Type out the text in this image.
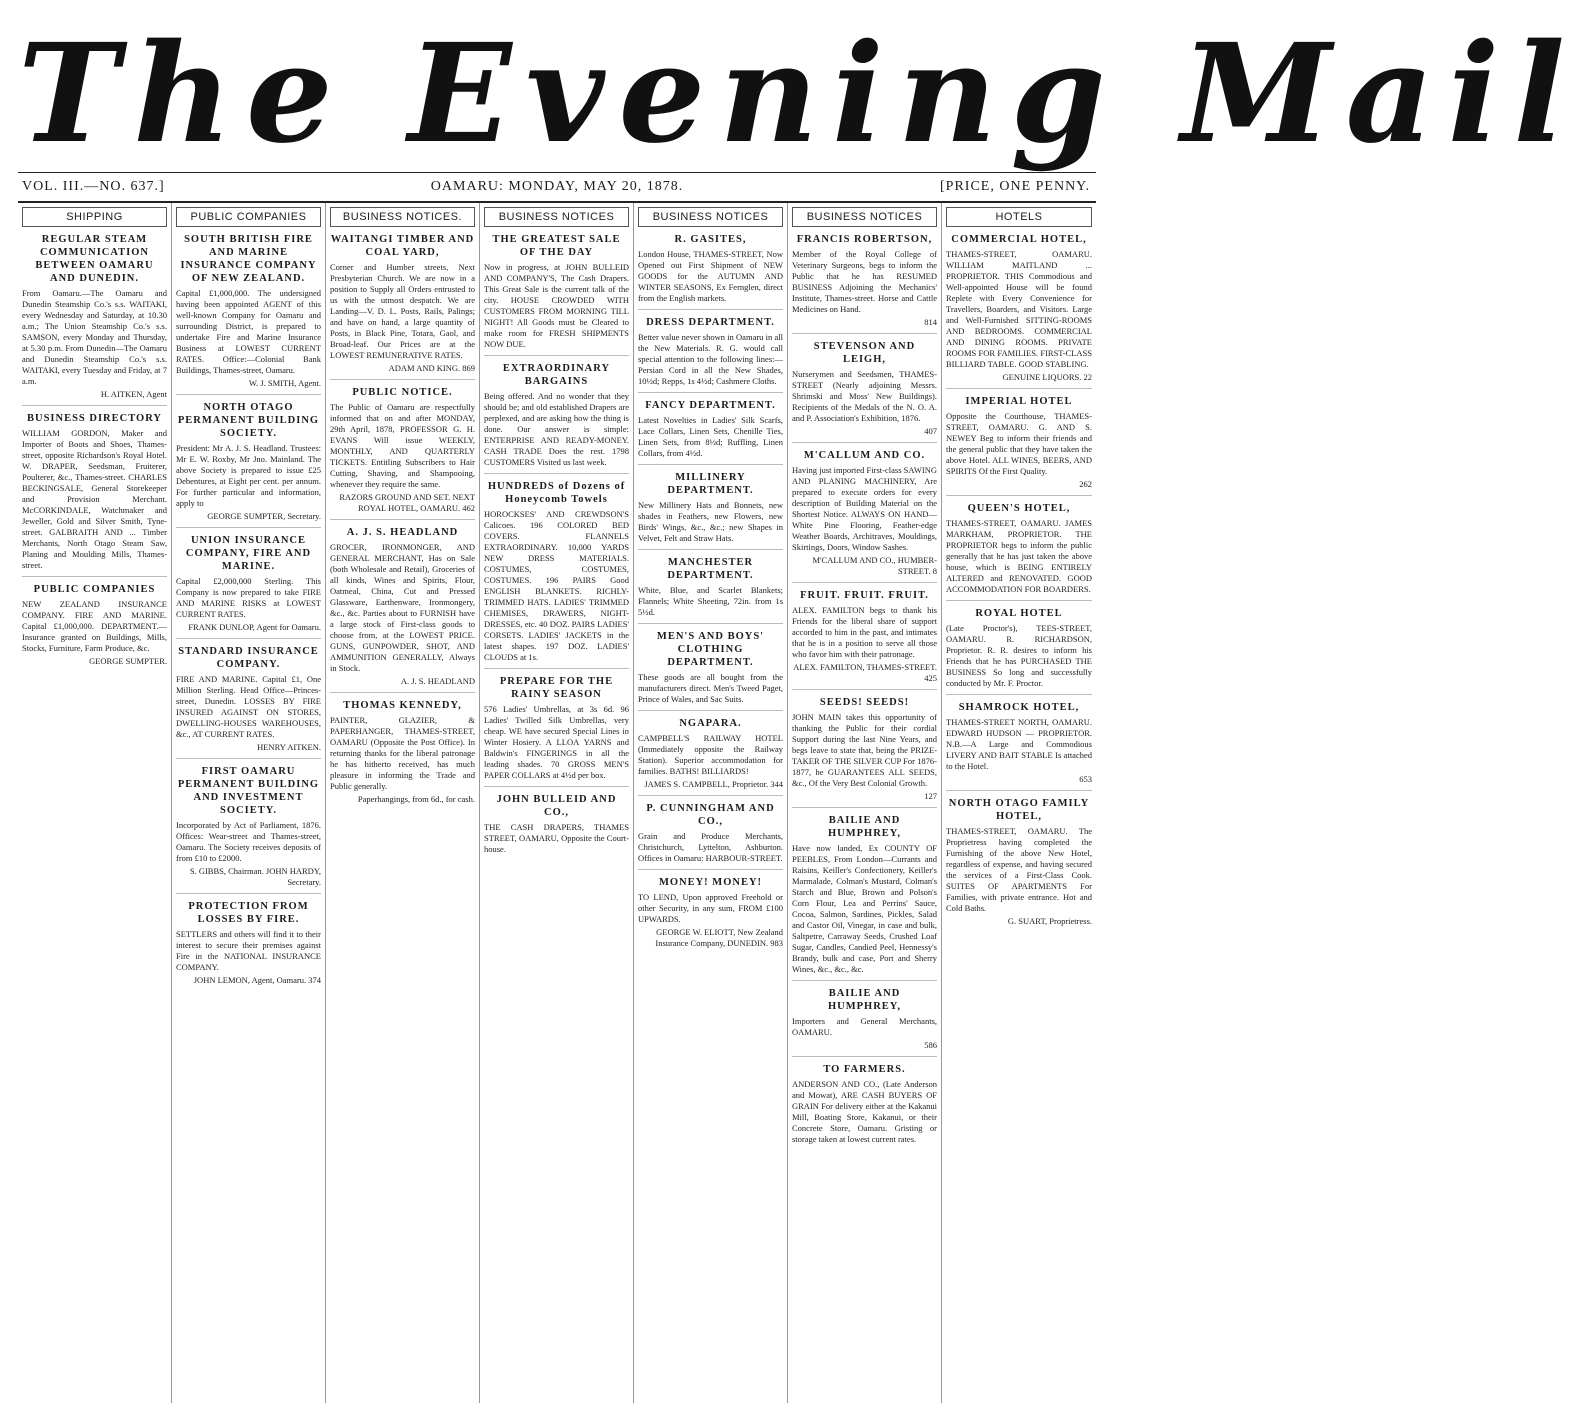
The Evening Mail
VOL. III.—NO. 637.]	OAMARU: MONDAY, MAY 20, 1878.	[PRICE, ONE PENNY.
SHIPPING
REGULAR STEAM COMMUNICATION BETWEEN OAMARU AND DUNEDIN.
From Oamaru.—The Oamaru and Dunedin Steamship Co.'s s.s. WAITAKI, every Wednesday and Saturday, at 10.30 a.m.; The Union Steamship Co.'s s.s. SAMSON, every Monday and Thursday, at 5.30 p.m. From Dunedin—The Oamaru and Dunedin Steamship Co.'s s.s. WAITAKI, every Tuesday and Friday, at 7 a.m.
H. AITKEN, Agent
BUSINESS DIRECTORY
WILLIAM GORDON, Maker and Importer of Boots and Shoes, Thames-street, opposite Richardson's Royal Hotel. W. DRAPER, Seedsman, Fruiterer, Poulterer, &c., Thames-street. CHARLES BECKINGSALE, General Storekeeper and Provision Merchant. McCORKINDALE, Watchmaker and Jeweller, Gold and Silver Smith, Tyne-street. GALBRAITH AND ... Timber Merchants, North Otago Steam Saw, Planing and Moulding Mills, Thames-street.
PUBLIC COMPANIES
NEW ZEALAND INSURANCE COMPANY. FIRE AND MARINE. Capital £1,000,000. DEPARTMENT.—Insurance granted on Buildings, Mills, Stocks, Furniture, Farm Produce, &c.
GEORGE SUMPTER.
PUBLIC COMPANIES
SOUTH BRITISH FIRE AND MARINE INSURANCE COMPANY OF NEW ZEALAND.
Capital £1,000,000. The undersigned having been appointed AGENT of this well-known Company for Oamaru and surrounding District, is prepared to undertake Fire and Marine Insurance Business at LOWEST CURRENT RATES. Office:—Colonial Bank Buildings, Thames-street, Oamaru.
W. J. SMITH, Agent.
NORTH OTAGO PERMANENT BUILDING SOCIETY.
President: Mr A. J. S. Headland. Trustees: Mr E. W. Roxby, Mr Jno. Mainland. The above Society is prepared to issue £25 Debentures, at Eight per cent. per annum. For further particular and information, apply to
GEORGE SUMPTER, Secretary.
UNION INSURANCE COMPANY, FIRE AND MARINE.
Capital £2,000,000 Sterling. This Company is now prepared to take FIRE AND MARINE RISKS at LOWEST CURRENT RATES.
FRANK DUNLOP, Agent for Oamaru.
STANDARD INSURANCE COMPANY.
FIRE AND MARINE. Capital £1, One Million Sterling. Head Office—Princes-street, Dunedin. LOSSES BY FIRE INSURED AGAINST ON STORES, DWELLING-HOUSES WAREHOUSES, &c., AT CURRENT RATES.
HENRY AITKEN.
FIRST OAMARU PERMANENT BUILDING AND INVESTMENT SOCIETY.
Incorporated by Act of Parliament, 1876. Offices: Wear-street and Thames-street, Oamaru. The Society receives deposits of from £10 to £2000.
S. GIBBS, Chairman. JOHN HARDY, Secretary.
PROTECTION FROM LOSSES BY FIRE.
SETTLERS and others will find it to their interest to secure their premises against Fire in the NATIONAL INSURANCE COMPANY.
JOHN LEMON, Agent, Oamaru. 374
BUSINESS NOTICES.
WAITANGI TIMBER AND COAL YARD,
Corner and Humber streets, Next Presbyterian Church. We are now in a position to Supply all Orders entrusted to us with the utmost despatch. We are Landing—V. D. L. Posts, Rails, Palings; and have on hand, a large quantity of Posts, in Black Pine, Totara, Gaol, and Broad-leaf. Our Prices are at the LOWEST REMUNERATIVE RATES.
ADAM AND KING. 869
PUBLIC NOTICE.
The Public of Oamaru are respectfully informed that on and after MONDAY, 29th April, 1878, PROFESSOR G. H. EVANS Will issue WEEKLY, MONTHLY, AND QUARTERLY TICKETS. Entitling Subscribers to Hair Cutting, Shaving, and Shampooing, whenever they require the same.
RAZORS GROUND AND SET. NEXT ROYAL HOTEL, OAMARU. 462
A. J. S. HEADLAND
GROCER, IRONMONGER, AND GENERAL MERCHANT, Has on Sale (both Wholesale and Retail), Groceries of all kinds, Wines and Spirits, Flour, Oatmeal, China, Cut and Pressed Glassware, Earthenware, Ironmongery, &c., &c. Parties about to FURNISH have a large stock of First-class goods to choose from, at the LOWEST PRICE. GUNS, GUNPOWDER, SHOT, AND AMMUNITION GENERALLY, Always in Stock.
A. J. S. HEADLAND
THOMAS KENNEDY,
PAINTER, GLAZIER, & PAPERHANGER, THAMES-STREET, OAMARU (Opposite the Post Office). In returning thanks for the liberal patronage he has hitherto received, has much pleasure in informing the Trade and Public generally.
Paperhangings, from 6d., for cash.
BUSINESS NOTICES
THE GREATEST SALE OF THE DAY
Now in progress, at JOHN BULLEID AND COMPANY'S, The Cash Drapers. This Great Sale is the current talk of the city. HOUSE CROWDED WITH CUSTOMERS FROM MORNING TILL NIGHT! All Goods must be Cleared to make room for FRESH SHIPMENTS NOW DUE.
EXTRAORDINARY BARGAINS
Being offered. And no wonder that they should be; and old established Drapers are perplexed, and are asking how the thing is done. Our answer is simple: ENTERPRISE AND READY-MONEY. CASH TRADE Does the rest. 1798 CUSTOMERS Visited us last week.
HUNDREDS of Dozens of Honeycomb Towels
HOROCKSES' AND CREWDSON'S Calicoes. 196 COLORED BED COVERS. FLANNELS EXTRAORDINARY. 10,000 YARDS NEW DRESS MATERIALS. COSTUMES, COSTUMES, COSTUMES. 196 PAIRS Good ENGLISH BLANKETS. RICHLY-TRIMMED HATS. LADIES' TRIMMED CHEMISES, DRAWERS, NIGHT-DRESSES, etc. 40 DOZ. PAIRS LADIES' CORSETS. LADIES' JACKETS in the latest shapes. 197 DOZ. LADIES' CLOUDS at 1s.
PREPARE FOR THE RAINY SEASON
576 Ladies' Umbrellas, at 3s 6d. 96 Ladies' Twilled Silk Umbrellas, very cheap. WE have secured Special Lines in Winter Hosiery. A LLOA YARNS and Baldwin's FINGERINGS in all the leading shades. 70 GROSS MEN'S PAPER COLLARS at 4½d per box.
JOHN BULLEID AND CO.,
THE CASH DRAPERS, THAMES STREET, OAMARU, Opposite the Court-house.
BUSINESS NOTICES
R. GASITES,
London House, THAMES-STREET, Now Opened out First Shipment of NEW GOODS for the AUTUMN AND WINTER SEASONS, Ex Fernglen, direct from the English markets.
DRESS DEPARTMENT.
Better value never shown in Oamaru in all the New Materials. R. G. would call special attention to the following lines:—Persian Cord in all the New Shades, 10½d; Repps, 1s 4½d; Cashmere Cloths.
FANCY DEPARTMENT.
Latest Novelties in Ladies' Silk Scarfs, Lace Collars, Linen Sets, Chenille Ties, Linen Sets, from 8½d; Ruffling, Linen Collars, from 4½d.
MILLINERY DEPARTMENT.
New Millinery Hats and Bonnets, new shades in Feathers, new Flowers, new Birds' Wings, &c., &c.; new Shapes in Velvet, Felt and Straw Hats.
MANCHESTER DEPARTMENT.
White, Blue, and Scarlet Blankets; Flannels; White Sheeting, 72in. from 1s 5½d.
MEN'S AND BOYS' CLOTHING DEPARTMENT.
These goods are all bought from the manufacturers direct. Men's Tweed Paget, Prince of Wales, and Sac Suits.
NGAPARA.
CAMPBELL'S RAILWAY HOTEL (Immediately opposite the Railway Station). Superior accommodation for families. BATHS! BILLIARDS!
JAMES S. CAMPBELL, Proprietor. 344
P. CUNNINGHAM AND CO.,
Grain and Produce Merchants, Christchurch, Lyttelton, Ashburton. Offices in Oamaru: HARBOUR-STREET.
MONEY! MONEY!
TO LEND, Upon approved Freehold or other Security, in any sum, FROM £100 UPWARDS.
GEORGE W. ELIOTT, New Zealand Insurance Company, DUNEDIN. 983
BUSINESS NOTICES
FRANCIS ROBERTSON,
Member of the Royal College of Veterinary Surgeons, begs to inform the Public that he has RESUMED BUSINESS Adjoining the Mechanics' Institute, Thames-street. Horse and Cattle Medicines on Hand.
814
STEVENSON AND LEIGH,
Nurserymen and Seedsmen, THAMES-STREET (Nearly adjoining Messrs. Shrimski and Moss' New Buildings). Recipients of the Medals of the N. O. A. and P. Association's Exhibition, 1876.
407
M'CALLUM AND CO.
Having just imported First-class SAWING AND PLANING MACHINERY, Are prepared to execute orders for every description of Building Material on the Shortest Notice. ALWAYS ON HAND—White Pine Flooring, Feather-edge Weather Boards, Architraves, Mouldings, Skirtings, Doors, Window Sashes.
M'CALLUM AND CO., HUMBER-STREET. 8
FRUIT. FRUIT. FRUIT.
ALEX. FAMILTON begs to thank his Friends for the liberal share of support accorded to him in the past, and intimates that he is in a position to serve all those who favor him with their patronage.
ALEX. FAMILTON, THAMES-STREET. 425
SEEDS! SEEDS!
JOHN MAIN takes this opportunity of thanking the Public for their cordial Support during the last Nine Years, and begs leave to state that, being the PRIZE-TAKER OF THE SILVER CUP For 1876-1877, he GUARANTEES ALL SEEDS, &c., Of the Very Best Colonial Growth.
127
BAILIE AND HUMPHREY,
Have now landed, Ex COUNTY OF PEEBLES, From London—Currants and Raisins, Keiller's Confectionery, Keiller's Marmalade, Colman's Mustard, Colman's Starch and Blue, Brown and Polson's Corn Flour, Lea and Perrins' Sauce, Cocoa, Salmon, Sardines, Pickles, Salad and Castor Oil, Vinegar, in case and bulk, Saltpetre, Carraway Seeds, Crushed Loaf Sugar, Candles, Candied Peel, Hennessy's Brandy, bulk and case, Port and Sherry Wines, &c., &c., &c.
BAILIE AND HUMPHREY,
Importers and General Merchants, OAMARU.
586
TO FARMERS.
ANDERSON AND CO., (Late Anderson and Mowat), ARE CASH BUYERS OF GRAIN For delivery either at the Kakanui Mill, Boating Store, Kakanui, or their Concrete Store, Oamaru. Gristing or storage taken at lowest current rates.
HOTELS
COMMERCIAL HOTEL,
THAMES-STREET, OAMARU. WILLIAM MAITLAND ... PROPRIETOR. THIS Commodious and Well-appointed House will be found Replete with Every Convenience for Travellers, Boarders, and Visitors. Large and Well-Furnished SITTING-ROOMS AND BEDROOMS. COMMERCIAL AND DINING ROOMS. PRIVATE ROOMS FOR FAMILIES. FIRST-CLASS BILLIARD TABLE. GOOD STABLING.
GENUINE LIQUORS. 22
IMPERIAL HOTEL
Opposite the Courthouse, THAMES-STREET, OAMARU. G. AND S. NEWEY Beg to inform their friends and the general public that they have taken the above Hotel. ALL WINES, BEERS, AND SPIRITS Of the First Quality.
262
QUEEN'S HOTEL,
THAMES-STREET, OAMARU. JAMES MARKHAM, PROPRIETOR. THE PROPRIETOR begs to inform the public generally that he has just taken the above house, which is BEING ENTIRELY ALTERED and RENOVATED. GOOD ACCOMMODATION FOR BOARDERS.
ROYAL HOTEL
(Late Proctor's), TEES-STREET, OAMARU. R. RICHARDSON, Proprietor. R. R. desires to inform his Friends that he has PURCHASED THE BUSINESS So long and successfully conducted by Mr. F. Proctor.
SHAMROCK HOTEL,
THAMES-STREET NORTH, OAMARU. EDWARD HUDSON — PROPRIETOR. N.B.—A Large and Commodious LIVERY AND BAIT STABLE Is attached to the Hotel.
653
NORTH OTAGO FAMILY HOTEL,
THAMES-STREET, OAMARU. The Proprietress having completed the Furnishing of the above New Hotel, regardless of expense, and having secured the services of a First-Class Cook. SUITES OF APARTMENTS For Families, with private entrance. Hot and Cold Baths.
G. SUART, Proprietress.
